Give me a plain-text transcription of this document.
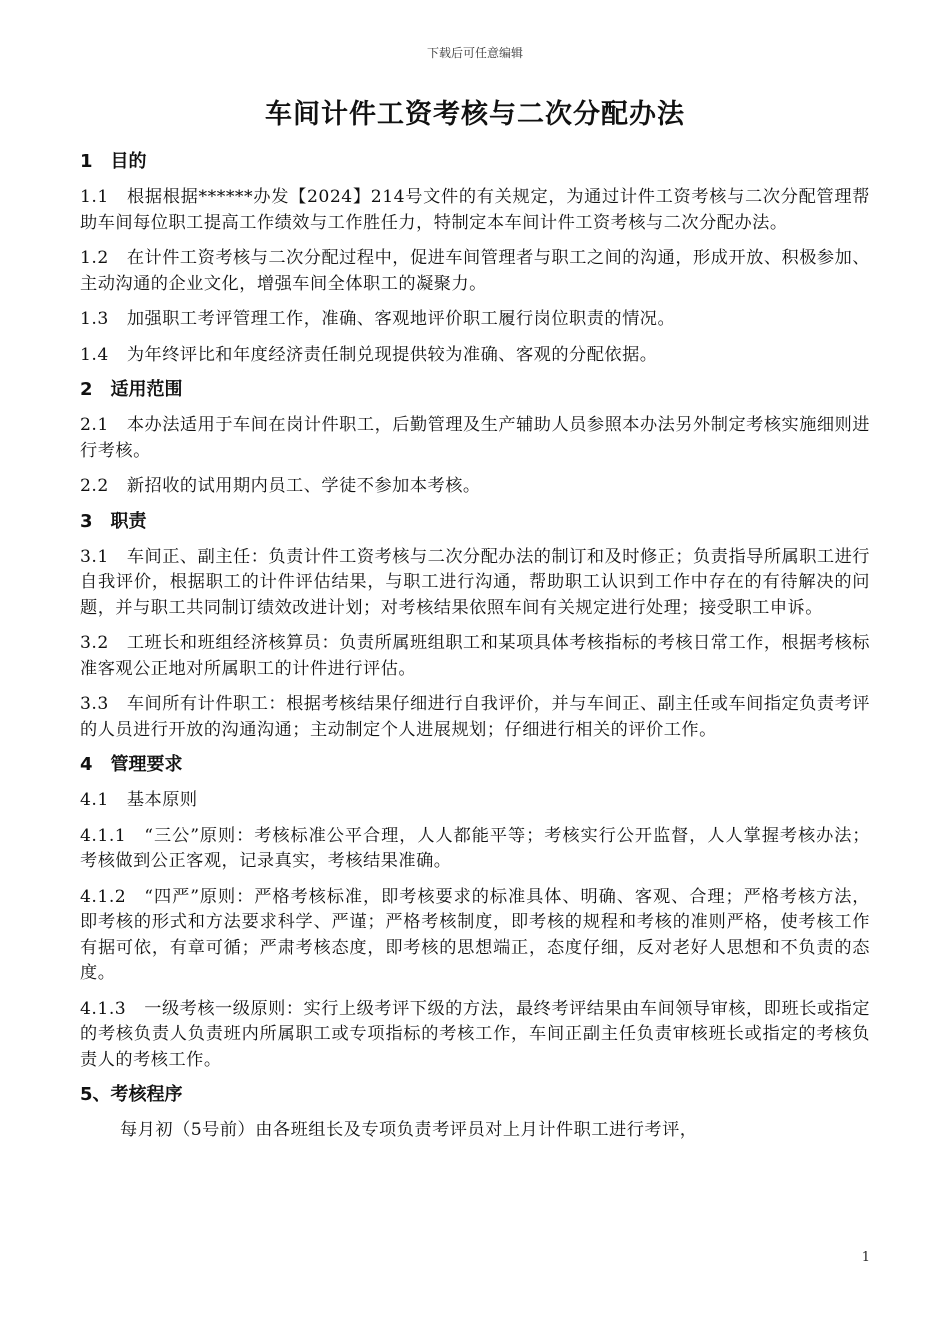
下载后可任意编辑
车间计件工资考核与二次分配办法
1　目的
1.1 根据根据******办发【2024】214号文件的有关规定，为通过计件工资考核与二次分配管理帮助车间每位职工提高工作绩效与工作胜任力，特制定本车间计件工资考核与二次分配办法。
1.2 在计件工资考核与二次分配过程中，促进车间管理者与职工之间的沟通，形成开放、积极参加、主动沟通的企业文化，增强车间全体职工的凝聚力。
1.3 加强职工考评管理工作，准确、客观地评价职工履行岗位职责的情况。
1.4 为年终评比和年度经济责任制兑现提供较为准确、客观的分配依据。
2　适用范围
2.1 本办法适用于车间在岗计件职工，后勤管理及生产辅助人员参照本办法另外制定考核实施细则进行考核。
2.2 新招收的试用期内员工、学徒不参加本考核。
3　职责
3.1 车间正、副主任：负责计件工资考核与二次分配办法的制订和及时修正；负责指导所属职工进行自我评价，根据职工的计件评估结果，与职工进行沟通，帮助职工认识到工作中存在的有待解决的问题，并与职工共同制订绩效改进计划；对考核结果依照车间有关规定进行处理；接受职工申诉。
3.2 工班长和班组经济核算员：负责所属班组职工和某项具体考核指标的考核日常工作，根据考核标准客观公正地对所属职工的计件进行评估。
3.3 车间所有计件职工：根据考核结果仔细进行自我评价，并与车间正、副主任或车间指定负责考评的人员进行开放的沟通沟通；主动制定个人进展规划；仔细进行相关的评价工作。
4　管理要求
4.1 基本原则
4.1.1 “三公”原则：考核标准公平合理，人人都能平等；考核实行公开监督，人人掌握考核办法；考核做到公正客观，记录真实，考核结果准确。
4.1.2 “四严”原则：严格考核标准，即考核要求的标准具体、明确、客观、合理；严格考核方法，即考核的形式和方法要求科学、严谨；严格考核制度，即考核的规程和考核的准则严格，使考核工作有据可依，有章可循；严肃考核态度，即考核的思想端正，态度仔细，反对老好人思想和不负责的态度。
4.1.3 一级考核一级原则：实行上级考评下级的方法，最终考评结果由车间领导审核，即班长或指定的考核负责人负责班内所属职工或专项指标的考核工作，车间正副主任负责审核班长或指定的考核负责人的考核工作。
5、考核程序
每月初（5号前）由各班组长及专项负责考评员对上月计件职工进行考评，
1
